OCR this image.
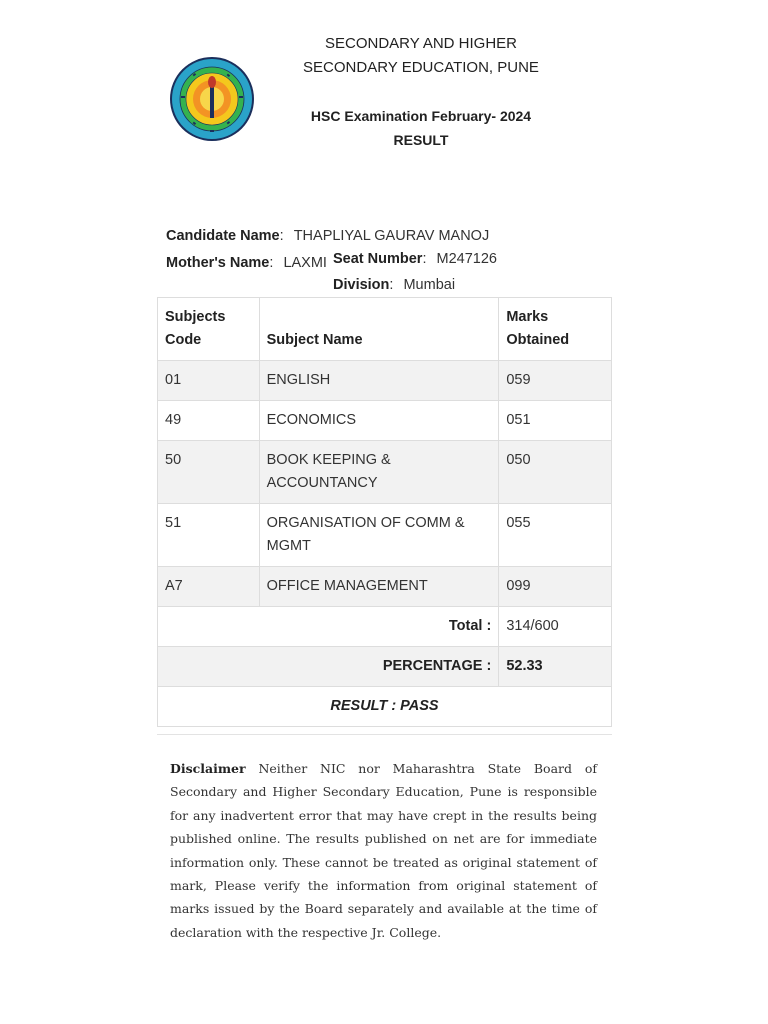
SECONDARY AND HIGHER
SECONDARY EDUCATION, PUNE
HSC Examination February- 2024
RESULT
Candidate Name: THAPLIYAL GAURAV MANOJ
Mother's Name: LAXMI Seat Number: M247126
Division: Mumbai
Subjects
Code	Subject Name	Marks
Obtained
01	ENGLISH	059
49	ECONOMICS	051
50	BOOK KEEPING & ACCOUNTANCY	050
51	ORGANISATION OF COMM & MGMT	055
A7	OFFICE MANAGEMENT	099
Total :		314/600
PERCENTAGE :		52.33
RESULT : PASS		
Disclaimer Neither NIC nor Maharashtra State Board of Secondary and Higher Secondary Education, Pune is responsible for any inadvertent error that may have crept in the results being published online. The results published on net are for immediate information only. These cannot be treated as original statement of mark, Please verify the information from original statement of marks issued by the Board separately and available at the time of declaration with the respective Jr. College.
